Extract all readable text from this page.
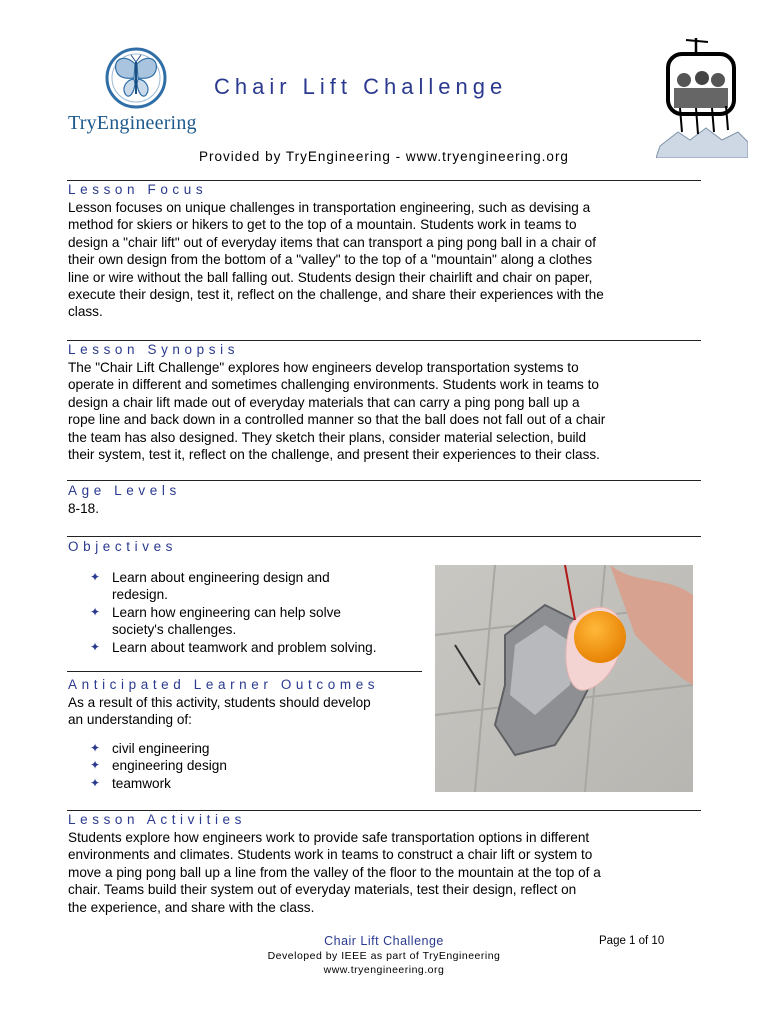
TryEngineering
Chair Lift Challenge
Provided by TryEngineering - www.tryengineering.org
Lesson Focus
Lesson focuses on unique challenges in transportation engineering, such as devising a
method for skiers or hikers to get to the top of a mountain. Students work in teams to
design a "chair lift" out of everyday items that can transport a ping pong ball in a chair of
their own design from the bottom of a "valley" to the top of a "mountain" along a clothes
line or wire without the ball falling out. Students design their chairlift and chair on paper,
execute their design, test it, reflect on the challenge, and share their experiences with the
class.
Lesson Synopsis
The "Chair Lift Challenge" explores how engineers develop transportation systems to
operate in different and sometimes challenging environments. Students work in teams to
design a chair lift made out of everyday materials that can carry a ping pong ball up a
rope line and back down in a controlled manner so that the ball does not fall out of a chair
the team has also designed. They sketch their plans, consider material selection, build
their system, test it, reflect on the challenge, and present their experiences to their class.
Age Levels
8-18.
Objectives
✦ Learn about engineering design and
redesign.
✦ Learn how engineering can help solve
society's challenges.
✦ Learn about teamwork and problem solving.
Anticipated Learner Outcomes
As a result of this activity, students should develop
an understanding of:
✦ civil engineering
✦ engineering design
✦ teamwork
Lesson Activities
Students explore how engineers work to provide safe transportation options in different
environments and climates. Students work in teams to construct a chair lift or system to
move a ping pong ball up a line from the valley of the floor to the mountain at the top of a
chair. Teams build their system out of everyday materials, test their design, reflect on
the experience, and share with the class.
Chair Lift Challenge	Page 1 of 10
Developed by IEEE as part of TryEngineering
www.tryengineering.org
